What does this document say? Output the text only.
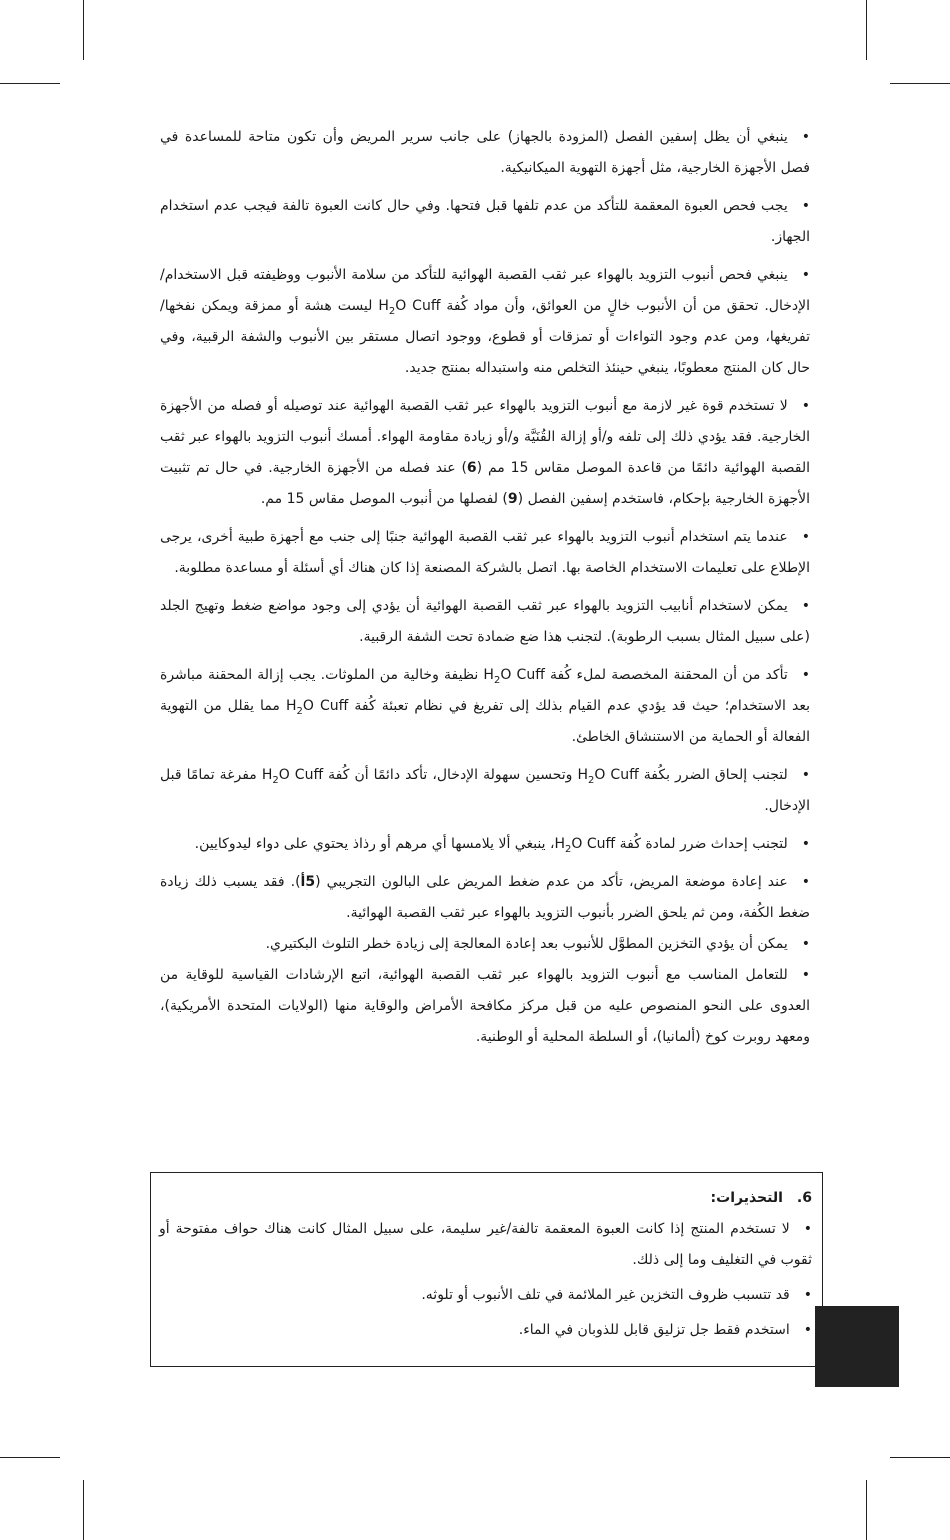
•ينبغي أن يظل إسفين الفصل (المزودة بالجهاز) على جانب سرير المريض وأن تكون متاحة للمساعدة في فصل الأجهزة الخارجية، مثل أجهزة التهوية الميكانيكية.

•يجب فحص العبوة المعقمة للتأكد من عدم تلفها قبل فتحها. وفي حال كانت العبوة تالفة فيجب عدم استخدام الجهاز.

•ينبغي فحص أنبوب التزويد بالهواء عبر ثقب القصبة الهوائية للتأكد من سلامة الأنبوب ووظيفته قبل الاستخدام/الإدخال. تحقق من أن الأنبوب خالٍ من العوائق، وأن مواد كُفة $H_2O$ Cuff ليست هشة أو ممزقة ويمكن نفخها/تفريغها، ومن عدم وجود التواءات أو تمزقات أو قطوع، ووجود اتصال مستقر بين الأنبوب والشفة الرقبية، وفي حال كان المنتج معطوبًا، ينبغي حينئذ التخلص منه واستبداله بمنتج جديد.

•لا تستخدم قوة غير لازمة مع أنبوب التزويد بالهواء عبر ثقب القصبة الهوائية عند توصيله أو فصله من الأجهزة الخارجية. فقد يؤدي ذلك إلى تلفه و/أو إزالة القُنَيَّة و/أو زيادة مقاومة الهواء. أمسك أنبوب التزويد بالهواء عبر ثقب القصبة الهوائية دائمًا من قاعدة الموصل مقاس 15 مم (6) عند فصله من الأجهزة الخارجية. في حال تم تثبيت الأجهزة الخارجية بإحكام، فاستخدم إسفين الفصل (9) لفصلها من أنبوب الموصل مقاس 15 مم.

•عندما يتم استخدام أنبوب التزويد بالهواء عبر ثقب القصبة الهوائية جنبًا إلى جنب مع أجهزة طبية أخرى، يرجى الإطلاع على تعليمات الاستخدام الخاصة بها. اتصل بالشركة المصنعة إذا كان هناك أي أسئلة أو مساعدة مطلوبة.

•يمكن لاستخدام أنابيب التزويد بالهواء عبر ثقب القصبة الهوائية أن يؤدي إلى وجود مواضع ضغط وتهيج الجلد (على سبيل المثال بسبب الرطوبة). لتجنب هذا ضع ضمادة تحت الشفة الرقبية.

•تأكد من أن المحقنة المخصصة لملء كُفة $H_2O$ Cuff نظيفة وخالية من الملوثات. يجب إزالة المحقنة مباشرة بعد الاستخدام؛ حيث قد يؤدي عدم القيام بذلك إلى تفريغ في نظام تعبئة كُفة $H_2O$ Cuff مما يقلل من التهوية الفعالة أو الحماية من الاستنشاق الخاطئ.

•لتجنب إلحاق الضرر بكُفة $H_2O$ Cuff وتحسين سهولة الإدخال، تأكد دائمًا أن كُفة $H_2O$ Cuff مفرغة تمامًا قبل الإدخال.

•لتجنب إحداث ضرر لمادة كُفة $H_2O$ Cuff، ينبغي ألا يلامسها أي مرهم أو رذاذ يحتوي على دواء ليدوكايين.

•عند إعادة موضعة المريض، تأكد من عدم ضغط المريض على البالون التجريبي (5أ). فقد يسبب ذلك زيادة ضغط الكُفة، ومن ثم يلحق الضرر بأنبوب التزويد بالهواء عبر ثقب القصبة الهوائية.

•يمكن أن يؤدي التخزين المطوَّل للأنبوب بعد إعادة المعالجة إلى زيادة خطر التلوث البكتيري.

•للتعامل المناسب مع أنبوب التزويد بالهواء عبر ثقب القصبة الهوائية، اتبع الإرشادات القياسية للوقاية من العدوى على النحو المنصوص عليه من قبل مركز مكافحة الأمراض والوقاية منها (الولايات المتحدة الأمريكية)، ومعهد روبرت كوخ (ألمانيا)، أو السلطة المحلية أو الوطنية.

6.التحذيرات:

•لا تستخدم المنتج إذا كانت العبوة المعقمة تالفة/غير سليمة، على سبيل المثال كانت هناك حواف مفتوحة أو ثقوب في التغليف وما إلى ذلك.

•قد تتسبب ظروف التخزين غير الملائمة في تلف الأنبوب أو تلوثه.

•استخدم فقط جل تزليق قابل للذوبان في الماء.
